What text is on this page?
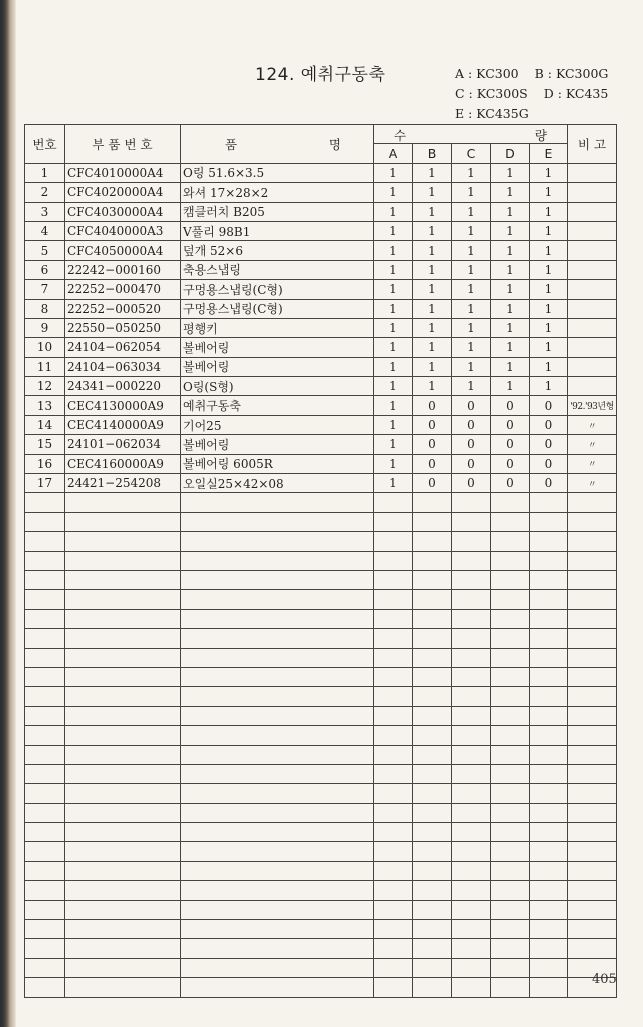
124. 예취구동축	A : KC300 B : KC300G
C : KC300S D : KC435
E : KC435G
번호	부 품 번 호	품 명	수 량					비 고
			A	B	C	D	E	
1	CFC4010000A4	O링 51.6×3.5	1	1	1	1	1	
2	CFC4020000A4	와셔 17×28×2	1	1	1	1	1	
3	CFC4030000A4	캠클러치 B205	1	1	1	1	1	
4	CFC4040000A3	V풀리 98B1	1	1	1	1	1	
5	CFC4050000A4	덮개 52×6	1	1	1	1	1	
6	22242−000160	축용스냅링	1	1	1	1	1	
7	22252−000470	구멍용스냅링(C형)	1	1	1	1	1	
8	22252−000520	구멍용스냅링(C형)	1	1	1	1	1	
9	22550−050250	평행키	1	1	1	1	1	
10	24104−062054	볼베어링	1	1	1	1	1	
11	24104−063034	볼베어링	1	1	1	1	1	
12	24341−000220	O링(S형)	1	1	1	1	1	
13	CEC4130000A9	예취구동축	1	0	0	0	0	'92.'93년형
14	CEC4140000A9	기어25	1	0	0	0	0	〃
15	24101−062034	볼베어링	1	0	0	0	0	〃
16	CEC4160000A9	볼베어링 6005R	1	0	0	0	0	〃
17	24421−254208	오일실25×42×08	1	0	0	0	0	〃

405
